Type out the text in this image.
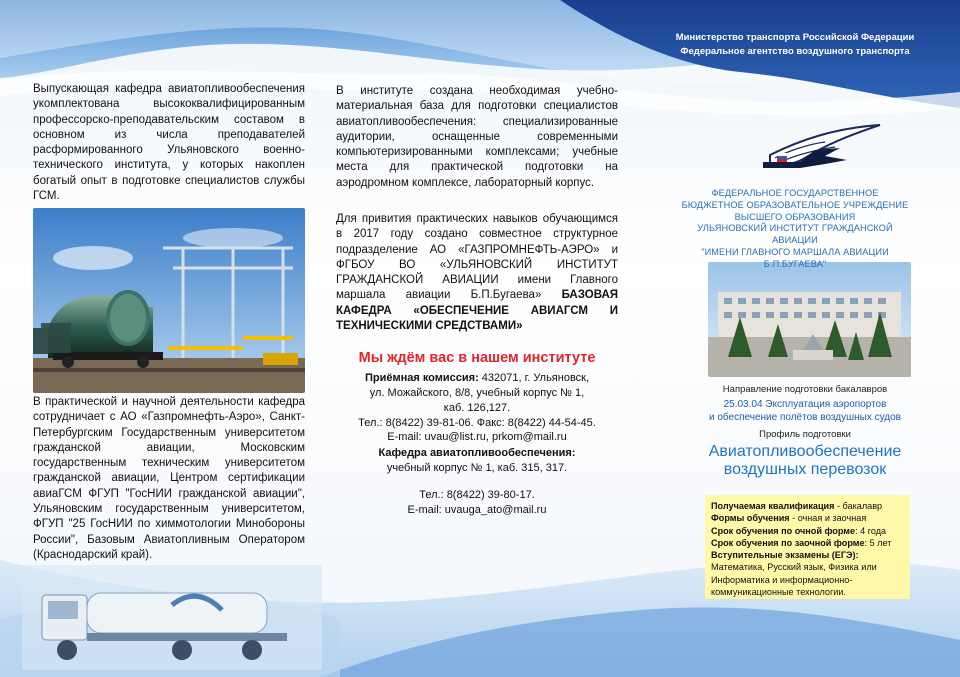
Министерство транспорта Российской Федерации
Федеральное агентство воздушного транспорта

Выпускающая кафедра авиатопливообеспечения укомплектована высококвалифицированным профессорско-преподавательским составом в основном из числа преподавателей расформированного Ульяновского военно-технического института, у которых накоплен богатый опыт в подготовке специалистов службы ГСМ.

В практической и научной деятельности кафедра сотрудничает с АО «Газпромнефть-Аэро», Санкт-Петербургским Государственным университетом гражданской авиации, Московским государственным техническим университетом гражданской авиации, Центром сертификации авиаГСМ ФГУП "ГосНИИ гражданской авиации", Ульяновским государственным университетом, ФГУП "25 ГосНИИ по химмотологии Минобороны России", Базовым Авиатопливным Оператором (Краснодарский край).

В институте создана необходимая учебно-материальная база для подготовки специалистов авиатопливообеспечения: специализированные аудитории, оснащенные современными компьютеризированными комплексами; учебные места для практической подготовки на аэродромном комплексе, лабораторный корпус.

Для привития практических навыков обучающимся в 2017 году создано совместное структурное подразделение АО «ГАЗПРОМНЕФТЬ-АЭРО» и ФГБОУ ВО «УЛЬЯНОВСКИЙ ИНСТИТУТ ГРАЖДАНСКОЙ АВИАЦИИ имени Главного маршала авиации Б.П.Бугаева» БАЗОВАЯ КАФЕДРА «ОБЕСПЕЧЕНИЕ АВИАГСМ И ТЕХНИЧЕСКИМИ СРЕДСТВАМИ»
Мы ждём вас в нашем институте
Приёмная комиссия: 432071, г. Ульяновск,
ул. Можайского, 8/8, учебный корпус № 1,
каб. 126,127.
Тел.: 8(8422) 39-81-06. Факс: 8(8422) 44-54-45.
E-mail: uvau@list.ru, prkom@mail.ru
Кафедра авиатопливообеспечения:
учебный корпус № 1, каб. 315, 317.
Тел.: 8(8422) 39-80-17.
E-mail: uvauga_ato@mail.ru
ФЕДЕРАЛЬНОЕ ГОСУДАРСТВЕННОЕ
БЮДЖЕТНОЕ ОБРАЗОВАТЕЛЬНОЕ УЧРЕЖДЕНИЕ
ВЫСШЕГО ОБРАЗОВАНИЯ
УЛЬЯНОВСКИЙ ИНСТИТУТ ГРАЖДАНСКОЙ АВИАЦИИ
"ИМЕНИ ГЛАВНОГО МАРШАЛА АВИАЦИИ Б.П.БУГАЕВА"
Направление подготовки бакалавров
25.03.04 Эксплуатация аэропортов
и обеспечение полётов воздушных судов
Профиль подготовки
Авиатопливообеспечение
воздушных перевозок
Получаемая квалификация - бакалавр
Формы обучения - очная и заочная
Срок обучения по очной форме: 4 года
Срок обучения по заочной форме: 5 лет
Вступительные экзамены (ЕГЭ):
Математика, Русский язык, Физика или Информатика и информационно-коммуникационные технологии.
